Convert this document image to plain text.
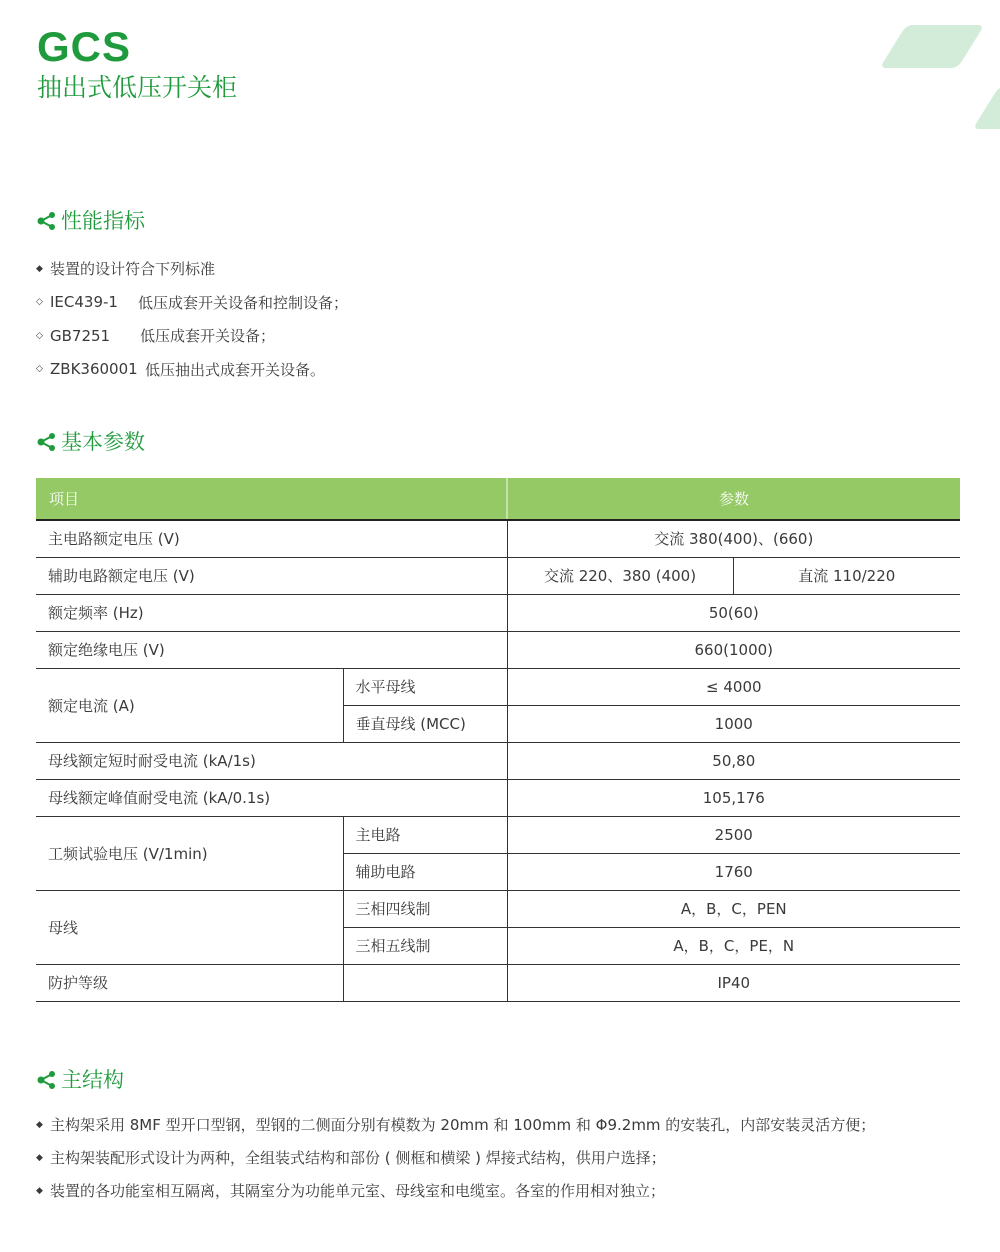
GCS
抽出式低压开关柜
性能指标
◆ 装置的设计符合下列标准
◇ IEC439-1	低压成套开关设备和控制设备；
◇ GB7251	低压成套开关设备；
◇ ZBK360001 低压抽出式成套开关设备。
基本参数
项目		参数	
主电路额定电压 (V)		交流 380(400)、(660)	
辅助电路额定电压 (V)		交流 220、380 (400)	直流 110/220
额定频率 (Hz)		50(60)	
额定绝缘电压 (V)		660(1000)	
额定电流 (A)	水平母线	≤ 4000	
	垂直母线 (MCC)	1000	
母线额定短时耐受电流 (kA/1s)		50,80	
母线额定峰值耐受电流 (kA/0.1s)		105,176	
工频试验电压 (V/1min)	主电路	2500	
	辅助电路	1760	
母线	三相四线制	A，B，C，PEN	
	三相五线制	A，B，C，PE，N	
防护等级		IP40	
主结构
◆ 主构架采用 8MF 型开口型钢，型钢的二侧面分别有模数为 20mm 和 100mm 和 Φ9.2mm 的安装孔，内部安装灵活方便；
◆ 主构架装配形式设计为两种，全组装式结构和部份 ( 侧框和横梁 ) 焊接式结构，供用户选择；
◆ 装置的各功能室相互隔离，其隔室分为功能单元室、母线室和电缆室。各室的作用相对独立；
